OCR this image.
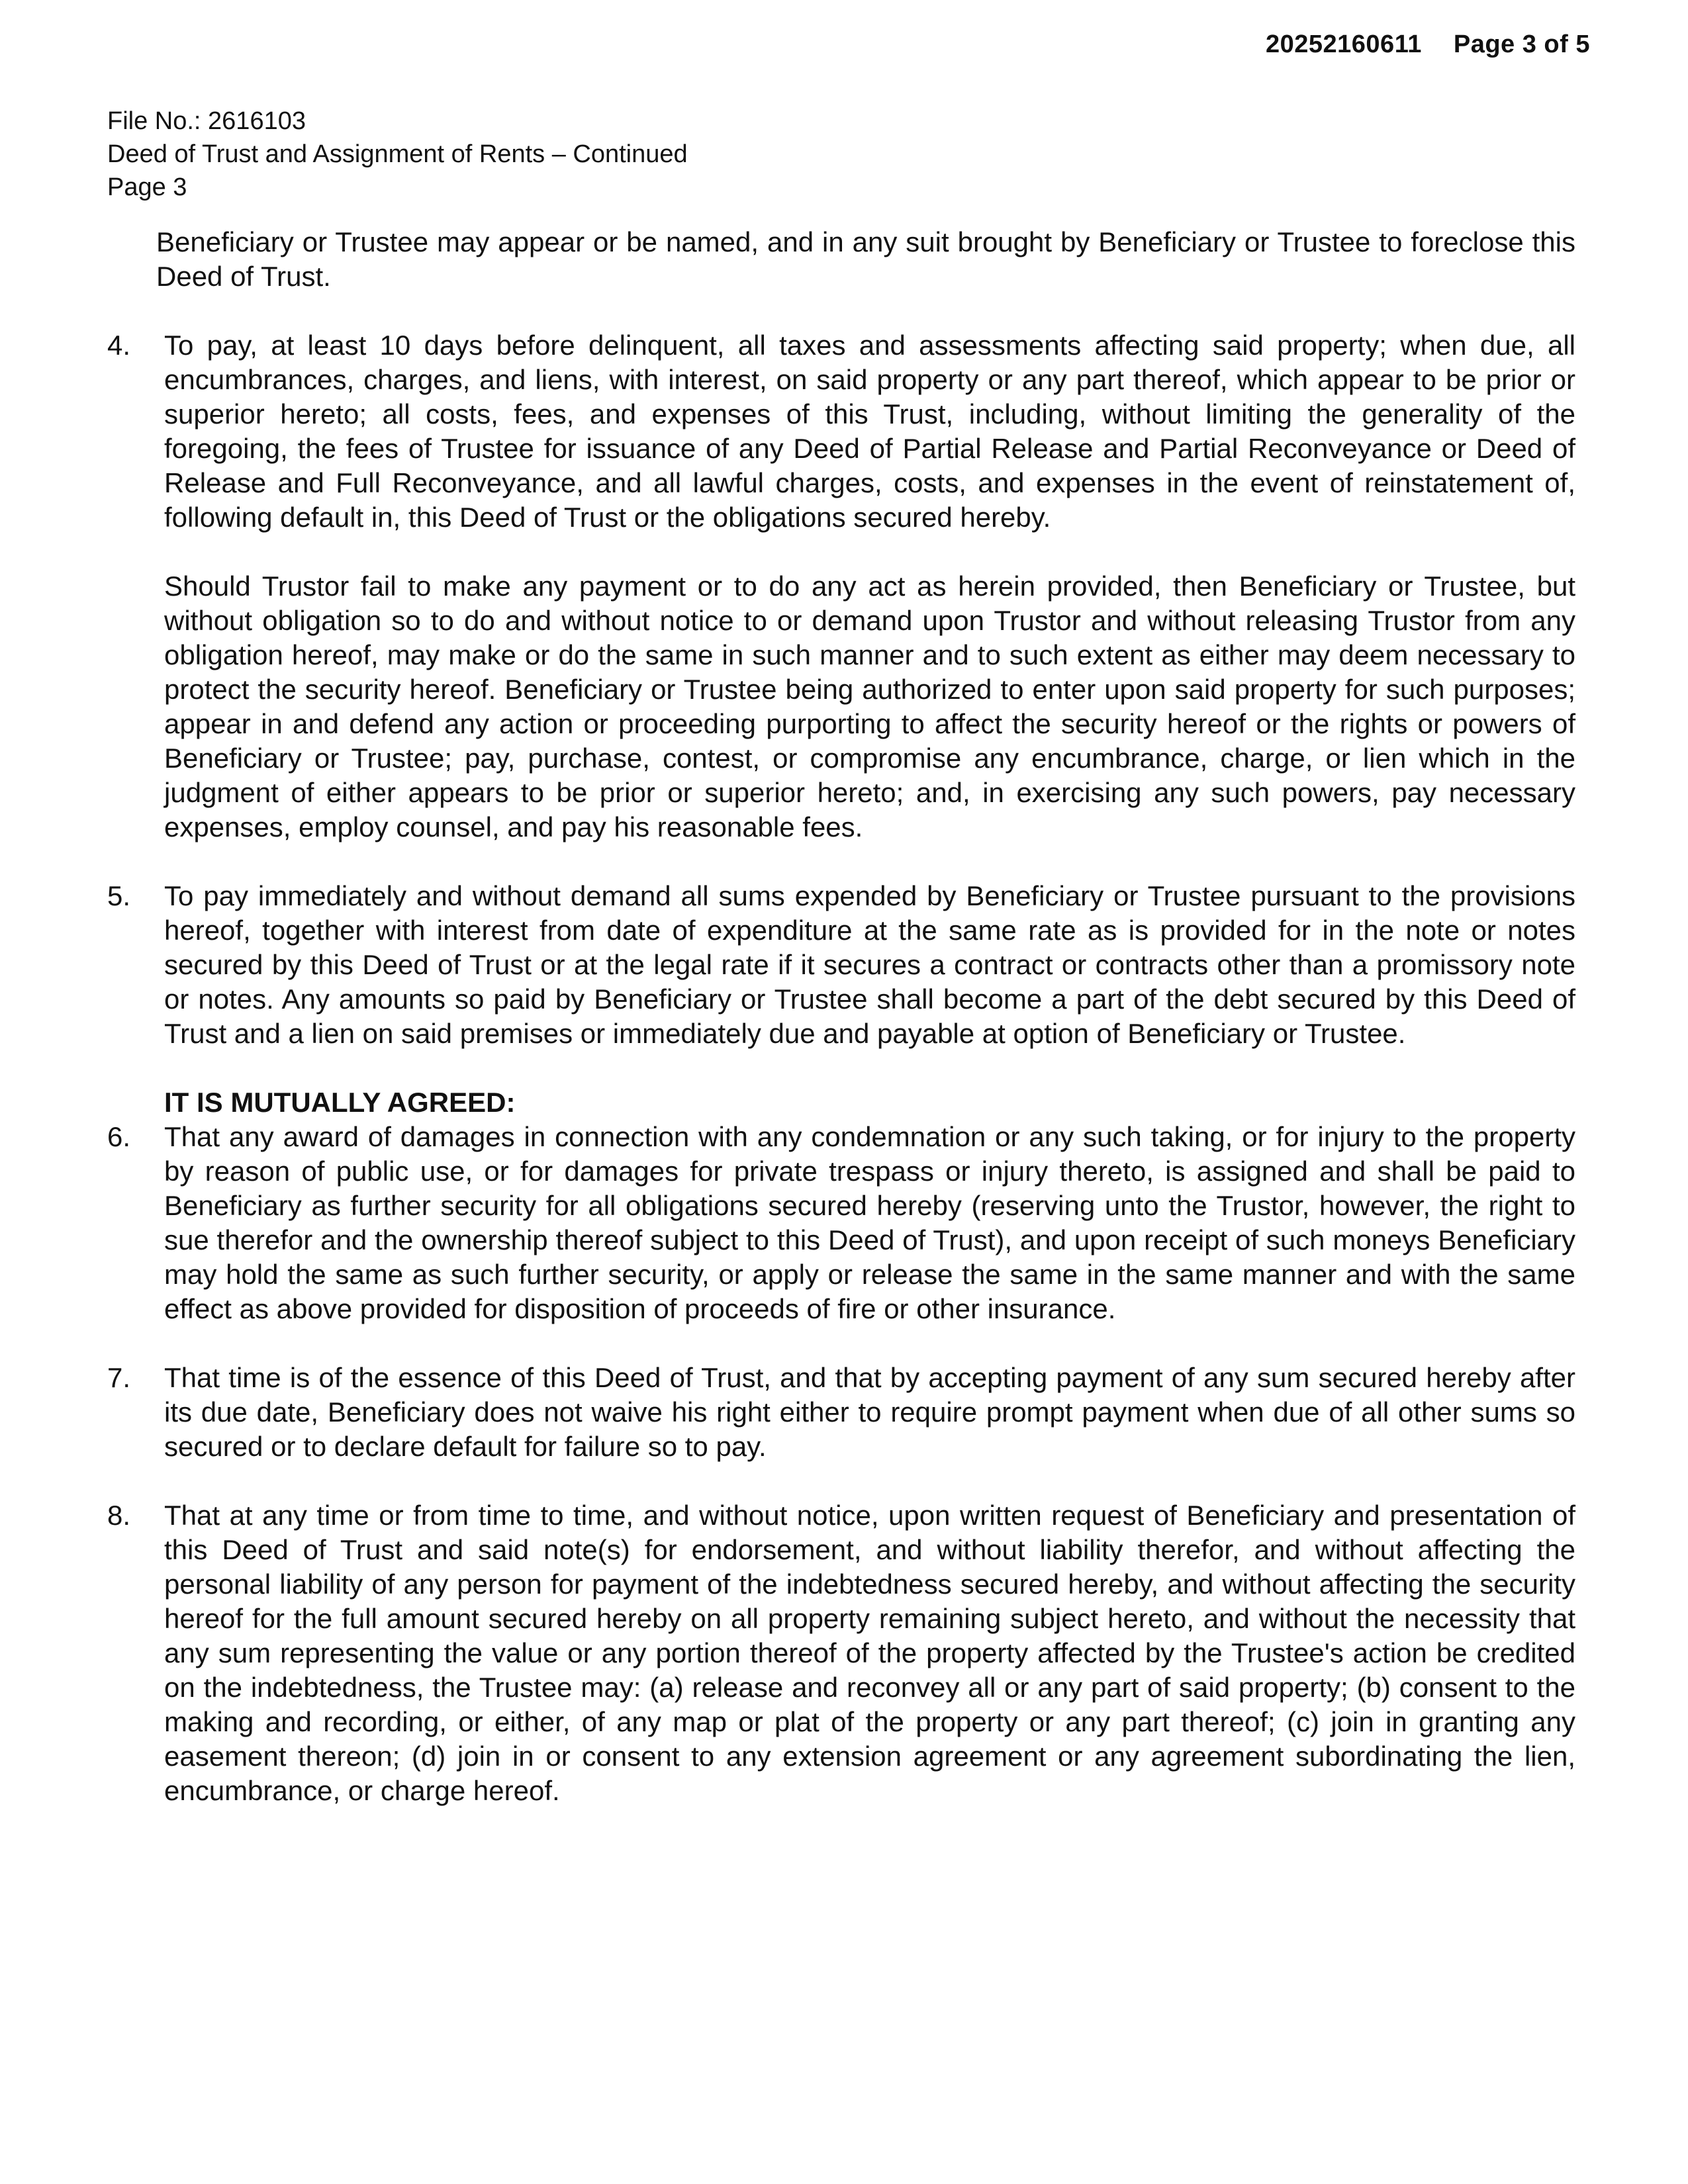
20252160611 Page 3 of 5
File No.: 2616103
Deed of Trust and Assignment of Rents – Continued
Page 3

Beneficiary or Trustee may appear or be named, and in any suit brought by Beneficiary or Trustee to foreclose this Deed of Trust.

4. To pay, at least 10 days before delinquent, all taxes and assessments affecting said property; when due, all encumbrances, charges, and liens, with interest, on said property or any part thereof, which appear to be prior or superior hereto; all costs, fees, and expenses of this Trust, including, without limiting the generality of the foregoing, the fees of Trustee for issuance of any Deed of Partial Release and Partial Reconveyance or Deed of Release and Full Reconveyance, and all lawful charges, costs, and expenses in the event of reinstatement of, following default in, this Deed of Trust or the obligations secured hereby.

Should Trustor fail to make any payment or to do any act as herein provided, then Beneficiary or Trustee, but without obligation so to do and without notice to or demand upon Trustor and without releasing Trustor from any obligation hereof, may make or do the same in such manner and to such extent as either may deem necessary to protect the security hereof. Beneficiary or Trustee being authorized to enter upon said property for such purposes; appear in and defend any action or proceeding purporting to affect the security hereof or the rights or powers of Beneficiary or Trustee; pay, purchase, contest, or compromise any encumbrance, charge, or lien which in the judgment of either appears to be prior or superior hereto; and, in exercising any such powers, pay necessary expenses, employ counsel, and pay his reasonable fees.

5. To pay immediately and without demand all sums expended by Beneficiary or Trustee pursuant to the provisions hereof, together with interest from date of expenditure at the same rate as is provided for in the note or notes secured by this Deed of Trust or at the legal rate if it secures a contract or contracts other than a promissory note or notes. Any amounts so paid by Beneficiary or Trustee shall become a part of the debt secured by this Deed of Trust and a lien on said premises or immediately due and payable at option of Beneficiary or Trustee.

IT IS MUTUALLY AGREED:
6. That any award of damages in connection with any condemnation or any such taking, or for injury to the property by reason of public use, or for damages for private trespass or injury thereto, is assigned and shall be paid to Beneficiary as further security for all obligations secured hereby (reserving unto the Trustor, however, the right to sue therefor and the ownership thereof subject to this Deed of Trust), and upon receipt of such moneys Beneficiary may hold the same as such further security, or apply or release the same in the same manner and with the same effect as above provided for disposition of proceeds of fire or other insurance.

7. That time is of the essence of this Deed of Trust, and that by accepting payment of any sum secured hereby after its due date, Beneficiary does not waive his right either to require prompt payment when due of all other sums so secured or to declare default for failure so to pay.

8. That at any time or from time to time, and without notice, upon written request of Beneficiary and presentation of this Deed of Trust and said note(s) for endorsement, and without liability therefor, and without affecting the personal liability of any person for payment of the indebtedness secured hereby, and without affecting the security hereof for the full amount secured hereby on all property remaining subject hereto, and without the necessity that any sum representing the value or any portion thereof of the property affected by the Trustee's action be credited on the indebtedness, the Trustee may: (a) release and reconvey all or any part of said property; (b) consent to the making and recording, or either, of any map or plat of the property or any part thereof; (c) join in granting any easement thereon; (d) join in or consent to any extension agreement or any agreement subordinating the lien, encumbrance, or charge hereof.
